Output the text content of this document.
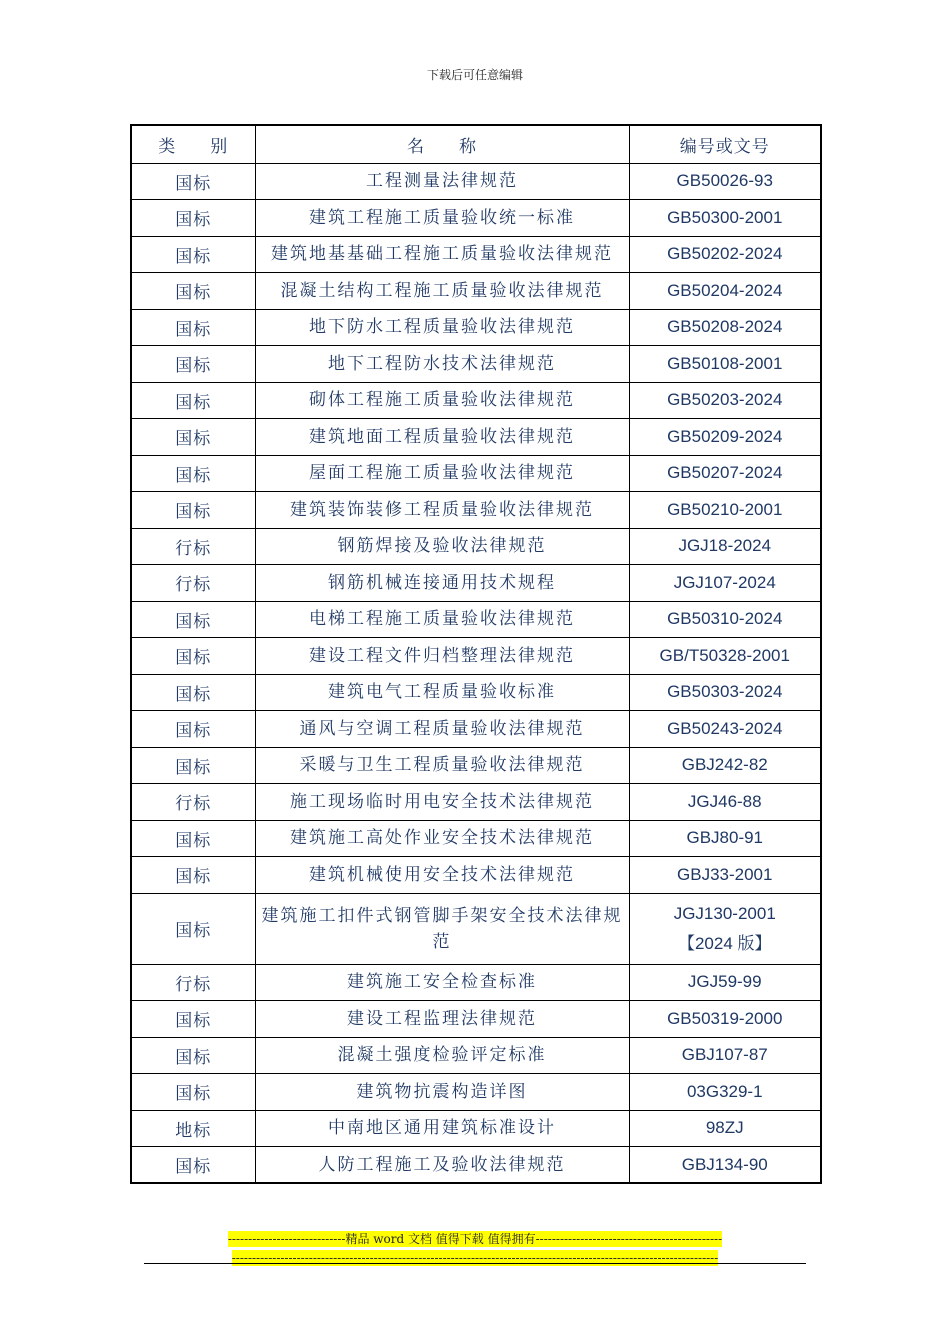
下载后可任意编辑
类 别	名 称	编号或文号
国标	工程测量法律规范	GB50026-93
国标	建筑工程施工质量验收统一标准	GB50300-2001
国标	建筑地基基础工程施工质量验收法律规范	GB50202-2024
国标	混凝土结构工程施工质量验收法律规范	GB50204-2024
国标	地下防水工程质量验收法律规范	GB50208-2024
国标	地下工程防水技术法律规范	GB50108-2001
国标	砌体工程施工质量验收法律规范	GB50203-2024
国标	建筑地面工程质量验收法律规范	GB50209-2024
国标	屋面工程施工质量验收法律规范	GB50207-2024
国标	建筑装饰装修工程质量验收法律规范	GB50210-2001
行标	钢筋焊接及验收法律规范	JGJ18-2024
行标	钢筋机械连接通用技术规程	JGJ107-2024
国标	电梯工程施工质量验收法律规范	GB50310-2024
国标	建设工程文件归档整理法律规范	GB/T50328-2001
国标	建筑电气工程质量验收标准	GB50303-2024
国标	通风与空调工程质量验收法律规范	GB50243-2024
国标	采暖与卫生工程质量验收法律规范	GBJ242-82
行标	施工现场临时用电安全技术法律规范	JGJ46-88
国标	建筑施工高处作业安全技术法律规范	GBJ80-91
国标	建筑机械使用安全技术法律规范	GBJ33-2001
国标	建筑施工扣件式钢管脚手架安全技术法律规范	JGJ130-2001
【2024 版】

行标	建筑施工安全检查标准	JGJ59-99
国标	建设工程监理法律规范	GB50319-2000
国标	混凝土强度检验评定标准	GBJ107-87
国标	建筑物抗震构造详图	03G329-1
地标	中南地区通用建筑标准设计	98ZJ
国标	人防工程施工及验收法律规范	GBJ134-90
-----------------------------精品 word 文档 值得下载 值得拥有----------------------------------------------
------------------------------------------------------------------------------------------------------------------------
